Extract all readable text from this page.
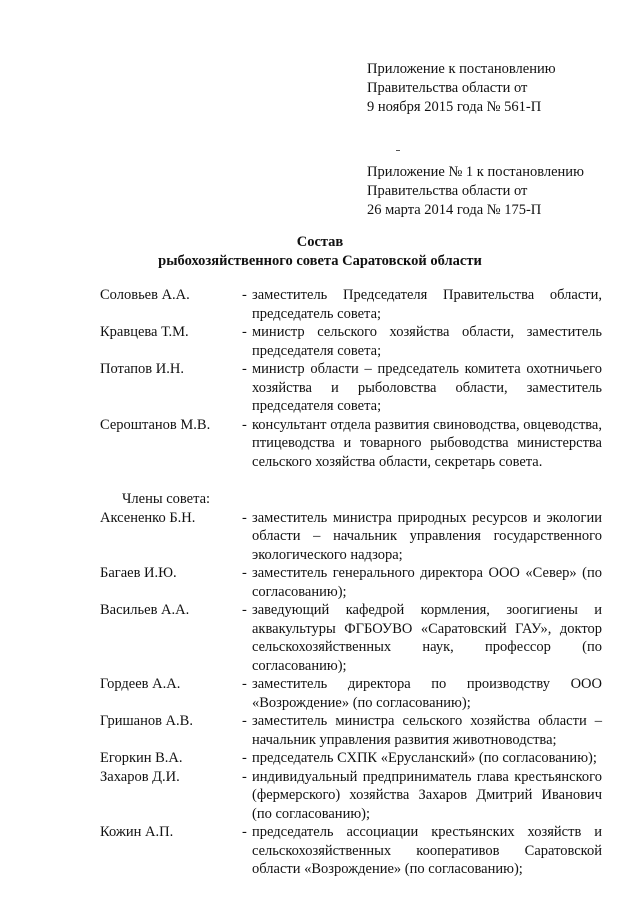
Приложение к постановлению
Правительства области от
9 ноября 2015 года № 561-П
Приложение № 1 к постановлению
Правительства области от
26 марта 2014 года № 175-П
Состав
рыбохозяйственного совета Саратовской области
Соловьев А.А.	- заместитель Председателя Правительства области, председатель совета;
Кравцева Т.М.	- министр сельского хозяйства области, заместитель председателя совета;
Потапов И.Н.	- министр области – председатель комитета охотничьего хозяйства и рыболовства области, заместитель председателя совета;
Серoштанов М.В.	- консультант отдела развития свиноводства, овцеводства, птицеводства и товарного рыбоводства министерства сельского хозяйства области, секретарь совета.
Члены совета:
Аксененко Б.Н.	- заместитель министра природных ресурсов и экологии области – начальник управления государственного экологического надзора;
Багаев И.Ю.	- заместитель генерального директора ООО «Север» (по согласованию);
Васильев А.А.	- заведующий кафедрой кормления, зоогигиены и аквакультуры ФГБОУВО «Саратовский ГАУ», доктор сельскохозяйственных наук, профессор (по согласованию);
Гордеев А.А.	- заместитель директора по производству ООО «Возрождение» (по согласованию);
Гришанов А.В.	- заместитель министра сельского хозяйства области – начальник управления развития животноводства;
Егоркин В.А.	- председатель СХПК «Ерусланский» (по согласованию);
Захаров Д.И.	- индивидуальный предприниматель глава крестьянского (фермерского) хозяйства Захаров Дмитрий Иванович (по согласованию);
Кожин А.П.	- председатель ассоциации крестьянских хозяйств и сельскохозяйственных кооперативов Саратовской области «Возрождение» (по согласованию);
